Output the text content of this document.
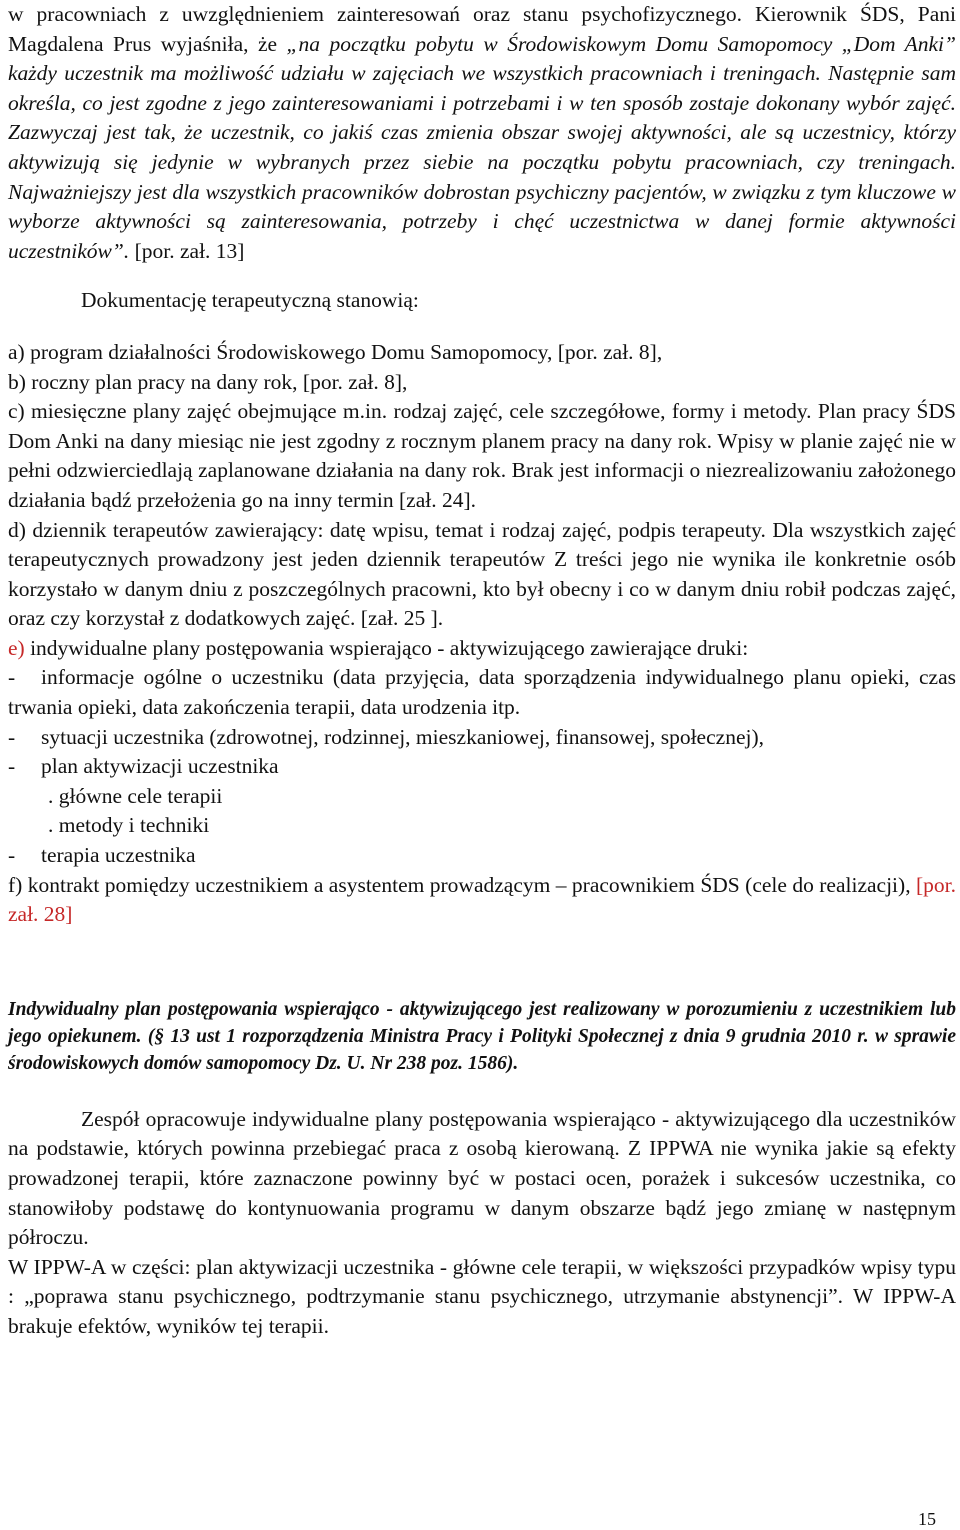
w pracowniach z uwzględnieniem zainteresowań oraz stanu psychofizycznego. Kierownik ŚDS, Pani Magdalena Prus wyjaśniła, że „na początku pobytu w Środowiskowym Domu Samopomocy „Dom Anki” każdy uczestnik ma możliwość udziału w zajęciach we wszystkich pracowniach i treningach. Następnie sam określa, co jest zgodne z jego zainteresowaniami i potrzebami i w ten sposób zostaje dokonany wybór zajęć. Zazwyczaj jest tak, że uczestnik, co jakiś czas zmienia obszar swojej aktywności, ale są uczestnicy, którzy aktywizują się jedynie w wybranych przez siebie na początku pobytu pracowniach, czy treningach. Najważniejszy jest dla wszystkich pracowników dobrostan psychiczny pacjentów, w związku z tym kluczowe w wyborze aktywności są zainteresowania, potrzeby i chęć uczestnictwa w danej formie aktywności uczestników”. [por. zał. 13]

Dokumentację terapeutyczną stanowią:

a) program działalności Środowiskowego Domu Samopomocy, [por. zał. 8],

b) roczny plan pracy na dany rok, [por. zał. 8],

c) miesięczne plany zajęć obejmujące m.in. rodzaj zajęć, cele szczegółowe, formy i metody. Plan pracy ŚDS Dom Anki na dany miesiąc nie jest zgodny z rocznym planem pracy na dany rok. Wpisy w planie zajęć nie w pełni odzwierciedlają zaplanowane działania na dany rok. Brak jest informacji o niezrealizowaniu założonego działania bądź przełożenia go na inny termin [zał. 24].

d) dziennik terapeutów zawierający: datę wpisu, temat i rodzaj zajęć, podpis terapeuty. Dla wszystkich zajęć terapeutycznych prowadzony jest jeden dziennik terapeutów Z treści jego nie wynika ile konkretnie osób korzystało w danym dniu z poszczególnych pracowni, kto był obecny i co w danym dniu robił podczas zajęć, oraz czy korzystał z dodatkowych zajęć. [zał. 25 ].

e) indywidualne plany postępowania wspierająco - aktywizującego zawierające druki:

-informacje ogólne o uczestniku (data przyjęcia, data sporządzenia indywidualnego planu opieki, czas trwania opieki, data zakończenia terapii, data urodzenia itp.

-sytuacji uczestnika (zdrowotnej, rodzinnej, mieszkaniowej, finansowej, społecznej),

-plan aktywizacji uczestnika

. główne cele terapii

. metody i techniki

-terapia uczestnika

f) kontrakt pomiędzy uczestnikiem a asystentem prowadzącym – pracownikiem ŚDS (cele do realizacji), [por. zał. 28]

Indywidualny plan postępowania wspierająco - aktywizującego jest realizowany w porozumieniu z uczestnikiem lub jego opiekunem. (§ 13 ust 1 rozporządzenia Ministra Pracy i Polityki Społecznej z dnia 9 grudnia 2010 r. w sprawie środowiskowych domów samopomocy Dz. U. Nr 238 poz. 1586).

Zespół opracowuje indywidualne plany postępowania wspierająco - aktywizującego dla uczestników na podstawie, których powinna przebiegać praca z osobą kierowaną. Z IPPWA nie wynika jakie są efekty prowadzonej terapii, które zaznaczone powinny być w postaci ocen, porażek i sukcesów uczestnika, co stanowiłoby podstawę do kontynuowania programu w danym obszarze bądź jego zmianę w następnym półroczu.

W IPPW-A w części: plan aktywizacji uczestnika - główne cele terapii, w większości przypadków wpisy typu : „poprawa stanu psychicznego, podtrzymanie stanu psychicznego, utrzymanie abstynencji”. W IPPW-A brakuje efektów, wyników tej terapii.

15
